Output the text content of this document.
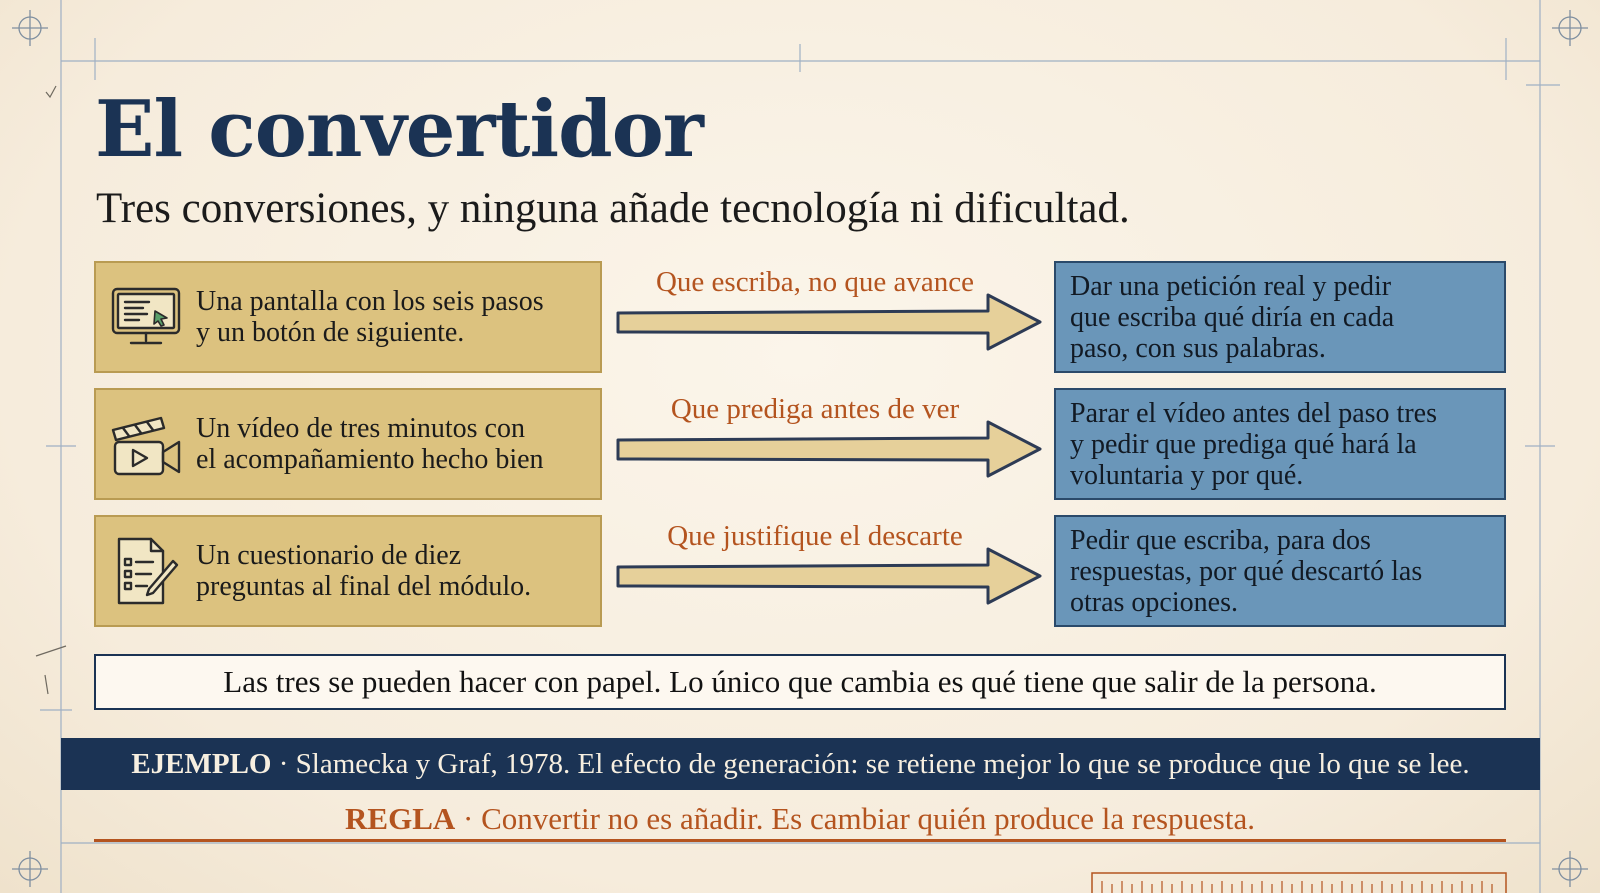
El convertidor

Tres conversiones, y ninguna añade tecnología ni dificultad.

Una pantalla con los seis pasos
y un botón de siguiente.
Que escriba, no que avance	Dar una petición real y pedir
que escriba qué diría en cada
paso, con sus palabras.
Un vídeo de tres minutos con
el acompañamiento hecho bien
Que prediga antes de ver	Parar el vídeo antes del paso tres
y pedir que prediga qué hará la
voluntaria y por qué.
Un cuestionario de diez
preguntas al final del módulo.
Que justifique el descarte	Pedir que escriba, para dos
respuestas, por qué descartó las
otras opciones.
Las tres se pueden hacer con papel. Lo único que cambia es qué tiene que salir de la persona.
EJEMPLO
·
Slamecka y Graf, 1978. El efecto de generación: se retiene mejor lo que se produce que lo que se lee.
REGLA
·
Convertir no es añadir. Es cambiar quién produce la respuesta.
